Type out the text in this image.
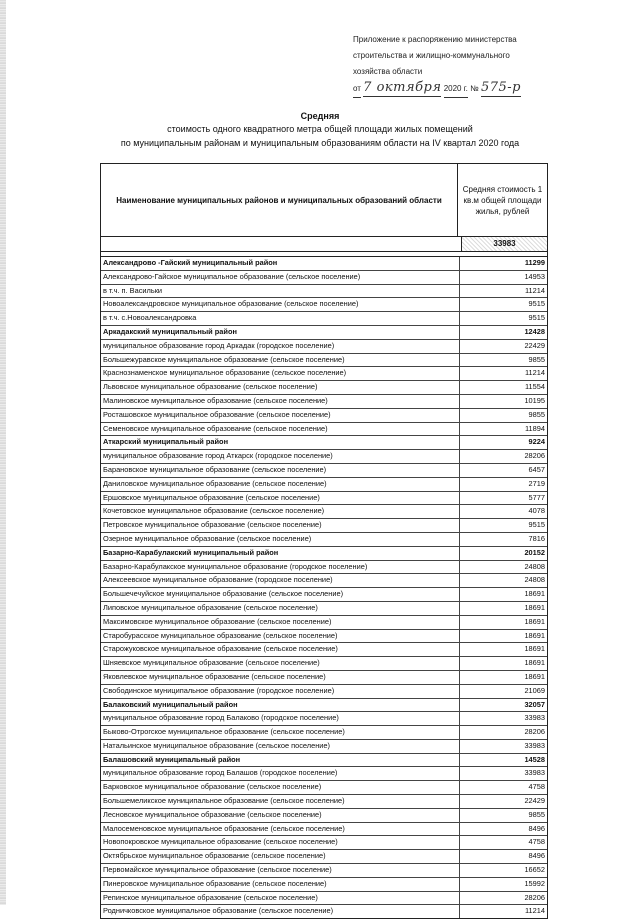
Приложение к распоряжению министерства
строительства и жилищно-коммунального
хозяйства области
от 7 октября 2020 г. № 575-р
Средняя
стоимость одного квадратного метра общей площади жилых помещений
по муниципальным районам и муниципальным образованиям области на IV квартал 2020 года
Наименование муниципальных районов и муниципальных образований области
Средняя стоимость 1 кв.м общей площади жилья, рублей
33983
Александрово -Гайский муниципальный район	11299
Александрово-Гайское муниципальное образование (сельское поселение)	14953
в т.ч. п. Васильки	11214
Новоалександровское муниципальное образование (сельское поселение)	9515
в т.ч. с.Новоалександровка	9515
Аркадакский муниципальный район	12428
муниципальное образование город Аркадак (городское поселение)	22429
Большежуравское муниципальное образование (сельское поселение)	9855
Краснознаменское муниципальное образование (сельское поселение)	11214
Львовское муниципальное образование (сельское поселение)	11554
Малиновское муниципальное образование (сельское поселение)	10195
Росташовское муниципальное образование (сельское поселение)	9855
Семеновское муниципальное образование (сельское поселение)	11894
Аткарский муниципальный район	9224
муниципальное образование город Аткарск (городское поселение)	28206
Барановское муниципальное образование (сельское поселение)	6457
Даниловское муниципальное образование (сельское поселение)	2719
Ершовское муниципальное образование (сельское поселение)	5777
Кочетовское муниципальное образование (сельское поселение)	4078
Петровское муниципальное образование (сельское поселение)	9515
Озерное муниципальное образование (сельское поселение)	7816
Базарно-Карабулакский муниципальный район	20152
Базарно-Карабулакское муниципальное образование (городское поселение)	24808
Алексеевское муниципальное образование (городское поселение)	24808
Большечечуйское муниципальное образование (сельское поселение)	18691
Липовское муниципальное образование (сельское поселение)	18691
Максимовское муниципальное образование (сельское поселение)	18691
Старобурасское муниципальное образование (сельское поселение)	18691
Старожуковское муниципальное образование (сельское поселение)	18691
Шняевское муниципальное образование (сельское поселение)	18691
Яковлевское муниципальное образование (сельское поселение)	18691
Свободинское муниципальное образование (городское поселение)	21069
Балаковский муниципальный район	32057
муниципальное образование город Балаково (городское поселение)	33983
Быково-Отрогское муниципальное образование (сельское поселение)	28206
Натальинское муниципальное образование (сельское поселение)	33983
Балашовский муниципальный район	14528
муниципальное образование город Балашов (городское поселение)	33983
Барковское муниципальное образование (сельское поселение)	4758
Большемеликское муниципальное образование (сельское поселение)	22429
Лесновское муниципальное образование (сельское поселение)	9855
Малосеменовское муниципальное образование (сельское поселение)	8496
Новопокровское муниципальное образование (сельское поселение)	4758
Октябрьское муниципальное образование (сельское поселение)	8496
Первомайское муниципальное образование (сельское поселение)	16652
Пинеровское муниципальное образование (сельское поселение)	15992
Репинское муниципальное образование (сельское поселение)	28206
Родничковское муниципальное образование (сельское поселение)	11214
